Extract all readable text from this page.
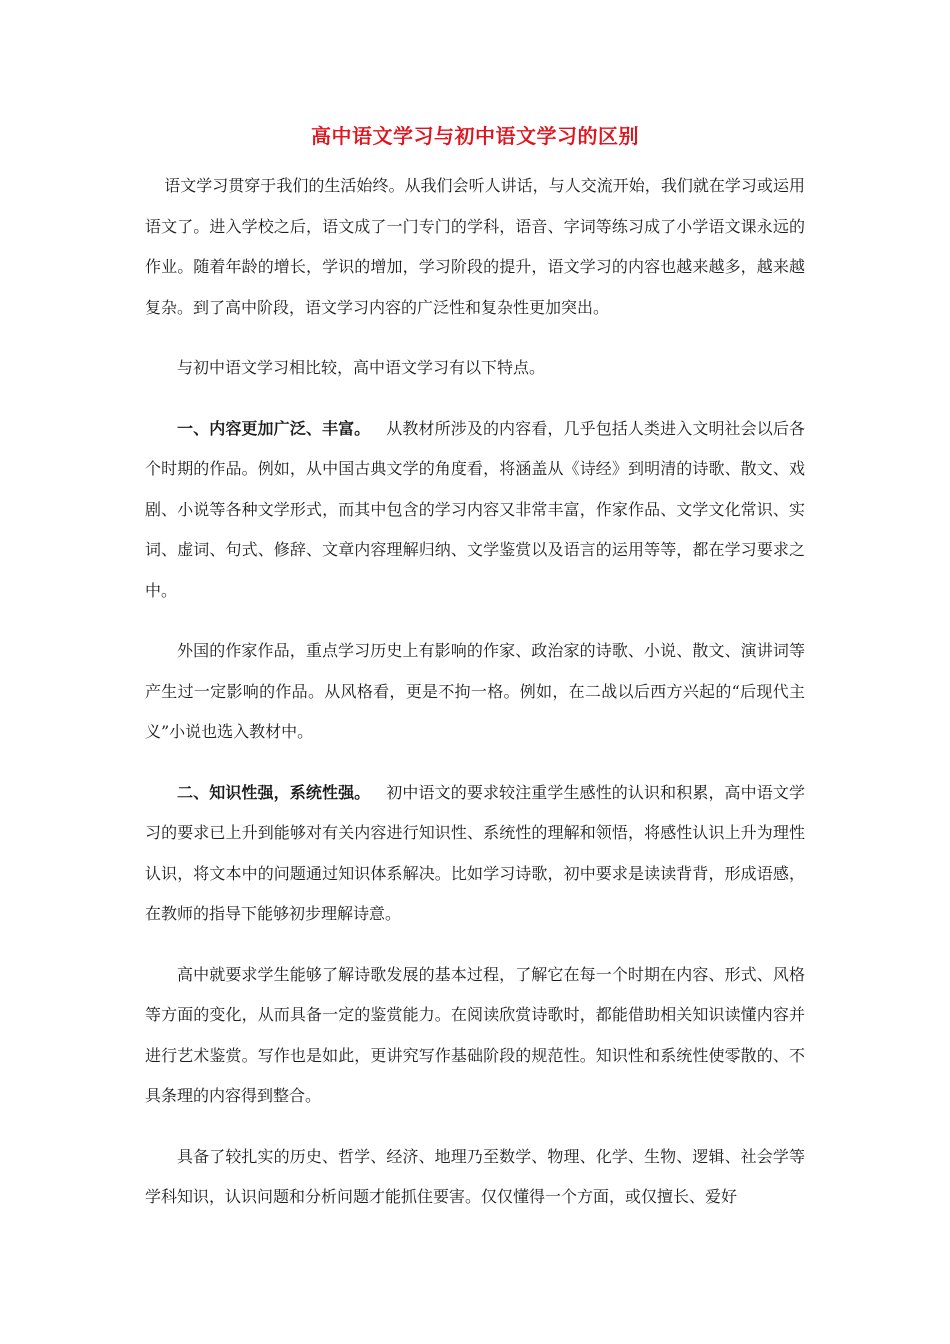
高中语文学习与初中语文学习的区别

语文学习贯穿于我们的生活始终。从我们会听人讲话，与人交流开始，我们就在学习或运用语文了。进入学校之后，语文成了一门专门的学科，语音、字词等练习成了小学语文课永远的作业。随着年龄的增长，学识的增加，学习阶段的提升，语文学习的内容也越来越多，越来越复杂。到了高中阶段，语文学习内容的广泛性和复杂性更加突出。

与初中语文学习相比较，高中语文学习有以下特点。

一、内容更加广泛、丰富。 从教材所涉及的内容看，几乎包括人类进入文明社会以后各个时期的作品。例如，从中国古典文学的角度看，将涵盖从《诗经》到明清的诗歌、散文、戏剧、小说等各种文学形式，而其中包含的学习内容又非常丰富，作家作品、文学文化常识、实词、虚词、句式、修辞、文章内容理解归纳、文学鉴赏以及语言的运用等等，都在学习要求之中。

外国的作家作品，重点学习历史上有影响的作家、政治家的诗歌、小说、散文、演讲词等产生过一定影响的作品。从风格看，更是不拘一格。例如，在二战以后西方兴起的“后现代主义”小说也选入教材中。

二、知识性强，系统性强。 初中语文的要求较注重学生感性的认识和积累，高中语文学习的要求已上升到能够对有关内容进行知识性、系统性的理解和领悟，将感性认识上升为理性认识，将文本中的问题通过知识体系解决。比如学习诗歌，初中要求是读读背背，形成语感，在教师的指导下能够初步理解诗意。

高中就要求学生能够了解诗歌发展的基本过程，了解它在每一个时期在内容、形式、风格等方面的变化，从而具备一定的鉴赏能力。在阅读欣赏诗歌时，都能借助相关知识读懂内容并进行艺术鉴赏。写作也是如此，更讲究写作基础阶段的规范性。知识性和系统性使零散的、不具条理的内容得到整合。

具备了较扎实的历史、哲学、经济、地理乃至数学、物理、化学、生物、逻辑、社会学等学科知识，认识问题和分析问题才能抓住要害。仅仅懂得一个方面，或仅擅长、爱好
